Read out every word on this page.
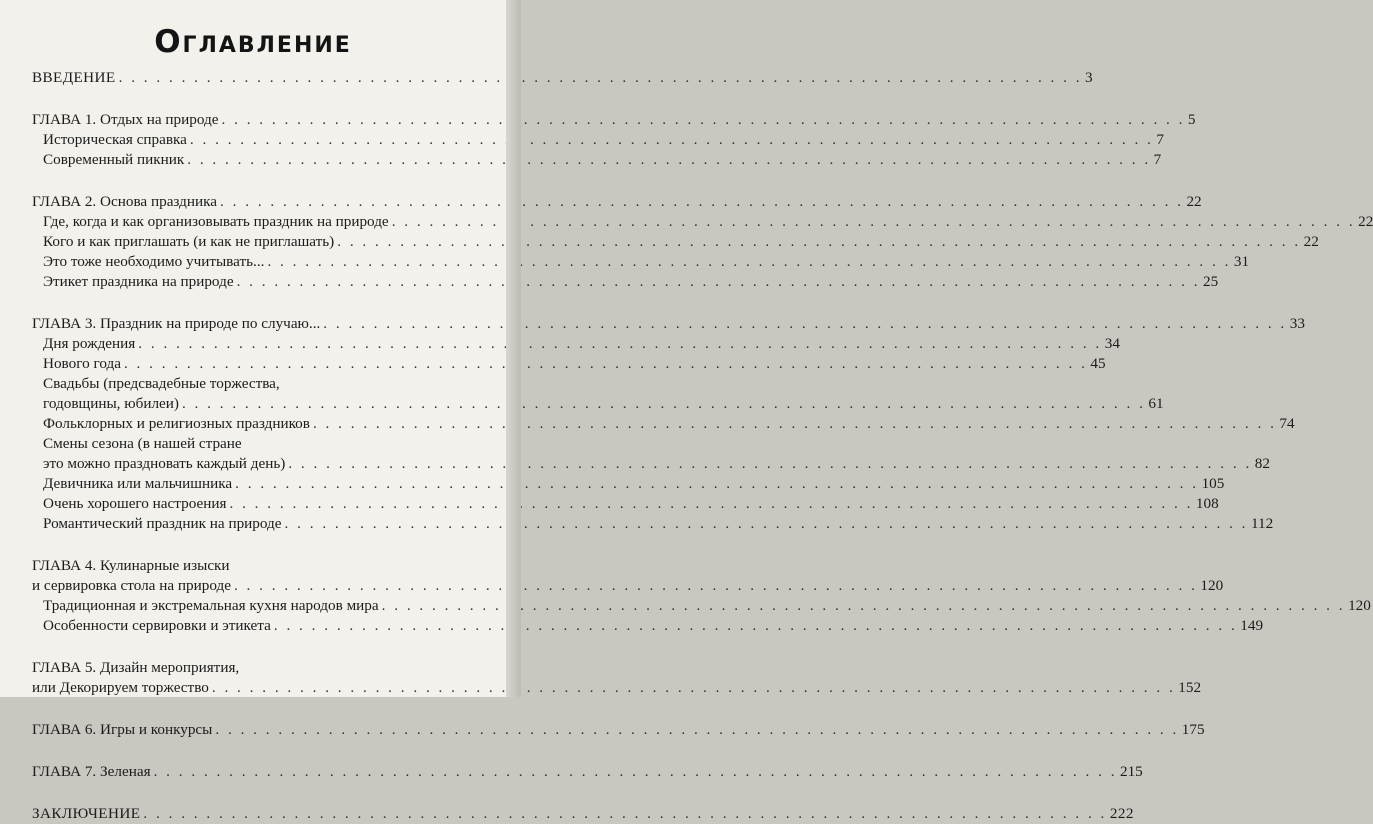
Оглавление
ВВЕДЕНИЕ . . .	3
ГЛАВА 1. Отдых на природе . . .	5
Историческая справка . . .	7
Современный пикник . . .	7
ГЛАВА 2. Основа праздника . . .	22
Где, когда и как организовывать праздник на природе . . .	22
Кого и как приглашать (и как не приглашать) . . .	22
Это тоже необходимо учитывать... . . .	31
Этикет праздника на природе . . .	25
ГЛАВА 3. Праздник на природе по случаю... . . .	33
Дня рождения . . .	34
Нового года . . .	45
Свадьбы (предсвадебные торжества,
годовщины, юбилеи) . . .	61
Фольклорных и религиозных праздников . . .	74
Смены сезона (в нашей стране
это можно праздновать каждый день) . . .	82
Девичника или мальчишника . . .	105
Очень хорошего настроения . . .	108
Романтический праздник на природе . . .	112
ГЛАВА 4. Кулинарные изыски
и сервировка стола на природе . . .	120
Традиционная и экстремальная кухня народов мира . . .	120
Особенности сервировки и этикета . . .	149
ГЛАВА 5. Дизайн мероприятия,
или Декорируем торжество . . .	152
ГЛАВА 6. Игры и конкурсы . . .	175
ГЛАВА 7. Зеленая . . .	215
ЗАКЛЮЧЕНИЕ . . .	222
